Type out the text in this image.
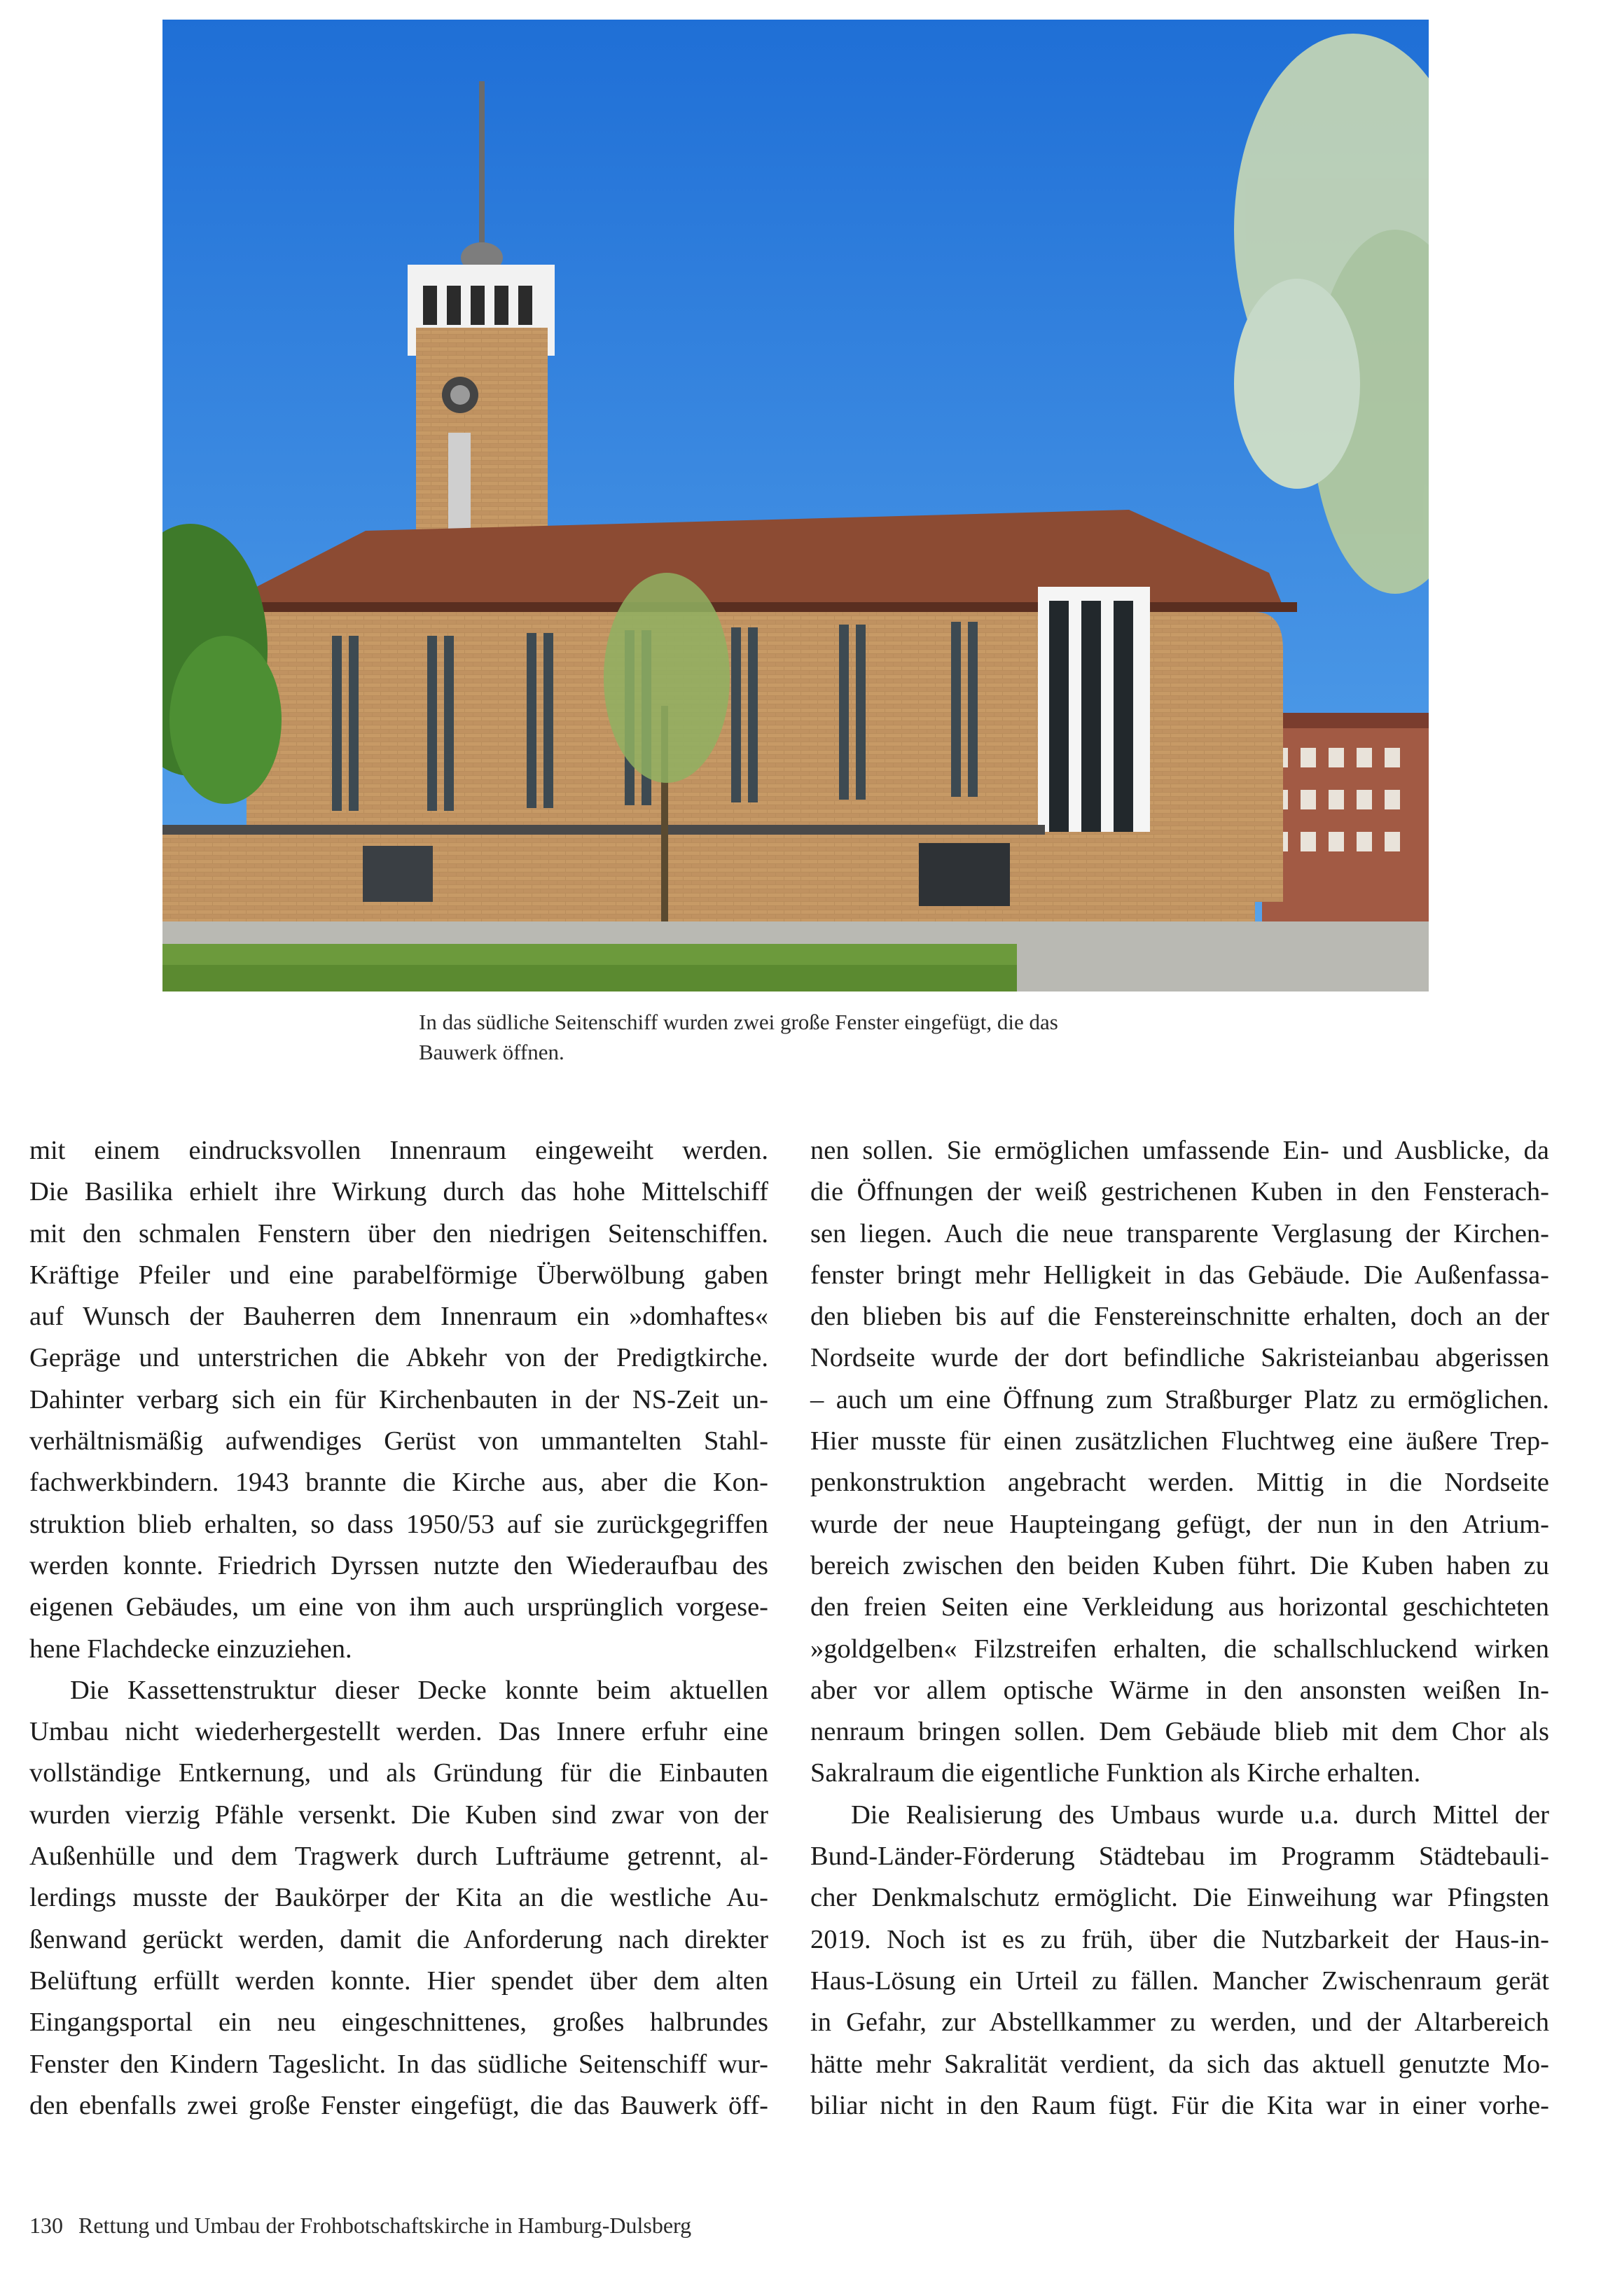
In das südliche Seitenschiff wurden zwei große Fenster eingefügt, die das

Bauwerk öffnen.

mit einem eindrucksvollen Innenraum eingeweiht werden.
Die Basilika erhielt ihre Wirkung durch das hohe Mittelschiff
mit den schmalen Fenstern über den niedrigen Seitenschiffen.
Kräftige Pfeiler und eine parabelförmige Überwölbung gaben
auf Wunsch der Bauherren dem Innenraum ein »domhaftes«
Gepräge und unterstrichen die Abkehr von der Predigtkirche.
Dahinter verbarg sich ein für Kirchenbauten in der NS-Zeit un-
verhältnismäßig aufwendiges Gerüst von ummantelten Stahl-
fachwerkbindern. 1943 brannte die Kirche aus, aber die Kon-
struktion blieb erhalten, so dass 1950/53 auf sie zurückgegriffen
werden konnte. Friedrich Dyrssen nutzte den Wiederaufbau des
eigenen Gebäudes, um eine von ihm auch ursprünglich vorgese-
hene Flachdecke einzuziehen.
Die Kassettenstruktur dieser Decke konnte beim aktuellen
Umbau nicht wiederhergestellt werden. Das Innere erfuhr eine
vollständige Entkernung, und als Gründung für die Einbauten
wurden vierzig Pfähle versenkt. Die Kuben sind zwar von der
Außenhülle und dem Tragwerk durch Lufträume getrennt, al-
lerdings musste der Baukörper der Kita an die westliche Au-
ßenwand gerückt werden, damit die Anforderung nach direkter
Belüftung erfüllt werden konnte. Hier spendet über dem alten
Eingangsportal ein neu eingeschnittenes, großes halbrundes
Fenster den Kindern Tageslicht. In das südliche Seitenschiff wur-
den ebenfalls zwei große Fenster eingefügt, die das Bauwerk öff-
nen sollen. Sie ermöglichen umfassende Ein- und Ausblicke, da
die Öffnungen der weiß gestrichenen Kuben in den Fensterach-
sen liegen. Auch die neue transparente Verglasung der Kirchen-
fenster bringt mehr Helligkeit in das Gebäude. Die Außenfassa-
den blieben bis auf die Fenstereinschnitte erhalten, doch an der
Nordseite wurde der dort befindliche Sakristeianbau abgerissen
– auch um eine Öffnung zum Straßburger Platz zu ermöglichen.
Hier musste für einen zusätzlichen Fluchtweg eine äußere Trep-
penkonstruktion angebracht werden. Mittig in die Nordseite
wurde der neue Haupteingang gefügt, der nun in den Atrium-
bereich zwischen den beiden Kuben führt. Die Kuben haben zu
den freien Seiten eine Verkleidung aus horizontal geschichteten
»goldgelben« Filzstreifen erhalten, die schallschluckend wirken
aber vor allem optische Wärme in den ansonsten weißen In-
nenraum bringen sollen. Dem Gebäude blieb mit dem Chor als
Sakralraum die eigentliche Funktion als Kirche erhalten.
Die Realisierung des Umbaus wurde u.a. durch Mittel der
Bund-Länder-Förderung Städtebau im Programm Städtebauli-
cher Denkmalschutz ermöglicht. Die Einweihung war Pfingsten
2019. Noch ist es zu früh, über die Nutzbarkeit der Haus-in-
Haus-Lösung ein Urteil zu fällen. Mancher Zwischenraum gerät
in Gefahr, zur Abstellkammer zu werden, und der Altarbereich
hätte mehr Sakralität verdient, da sich das aktuell genutzte Mo-
biliar nicht in den Raum fügt. Für die Kita war in einer vorhe-
130 Rettung und Umbau der Frohbotschaftskirche in Hamburg-Dulsberg
